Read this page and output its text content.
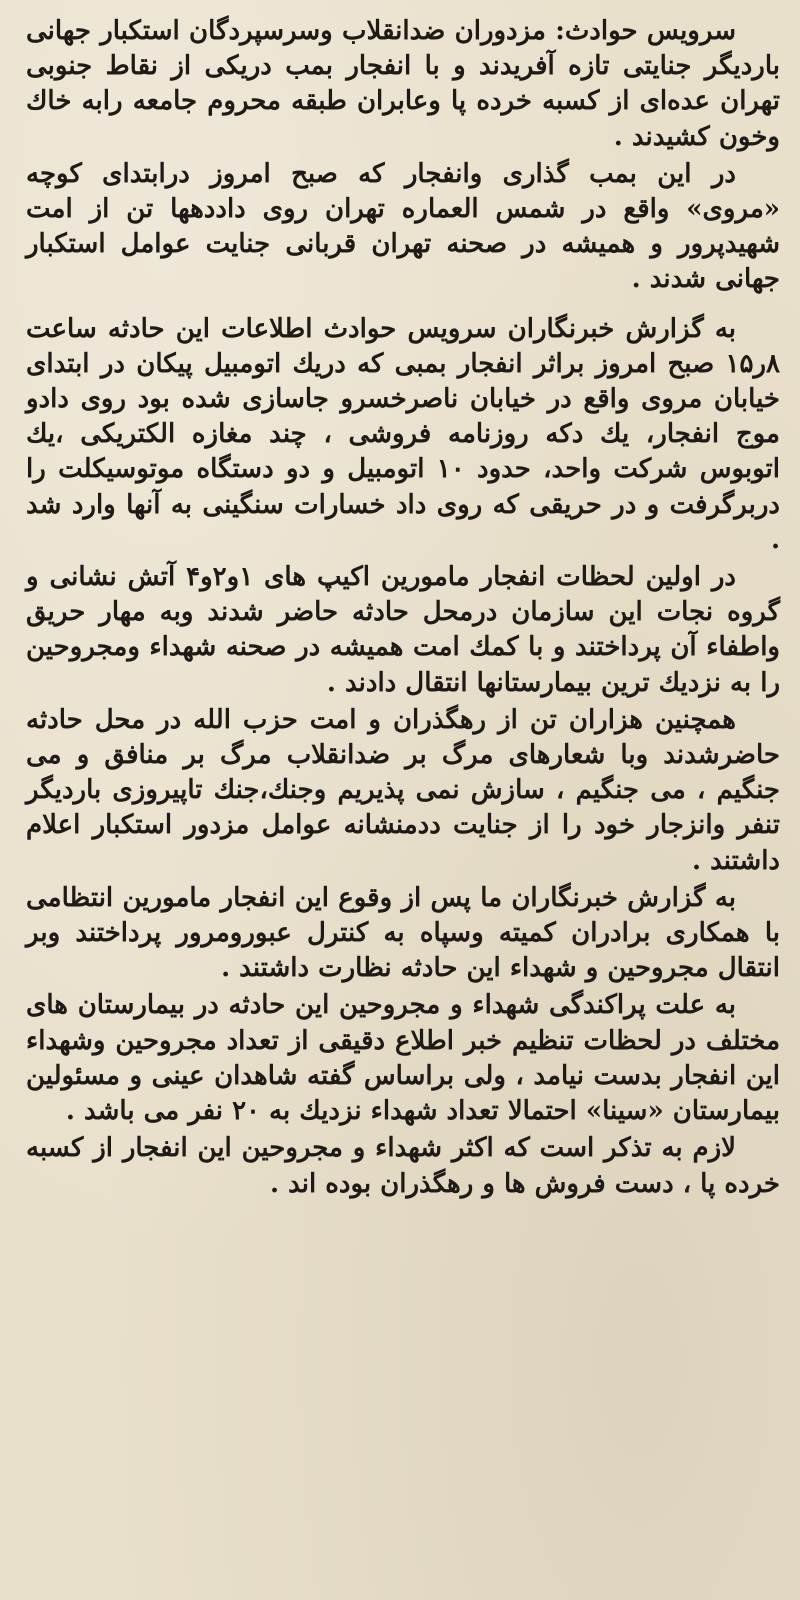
سرویس حوادث: مزدوران ضدانقلاب وسرسپردگان استکبار جهانی باردیگر جنایتی تازه آفریدند و با انفجار بمب دریکی از نقاط جنوبی تهران عده‌ای از کسبه خرده پا وعابران طبقه محروم جامعه رابه خاك وخون کشیدند .

در این بمب گذاری وانفجار که صبح امروز درابتدای کوچه «مروی» واقع در شمس العماره تهران روی داددهها تن از امت شهیدپرور و همیشه در صحنه تهران قربانی جنایت عوامل استکبار جهانی شدند .

به گزارش خبرنگاران سرویس حوادث اطلاعات این حادثه ساعت ۸ر۱۵ صبح امروز براثر انفجار بمبی که دریك اتومبیل پیکان در ابتدای خیابان مروی واقع در خیابان ناصرخسرو جاسازی شده بود روی دادو موج انفجار، یك دکه روزنامه فروشی ، چند مغازه الکتریکی ،یك اتوبوس شرکت واحد، حدود ۱۰ اتومبیل و دو دستگاه موتوسیکلت را دربرگرفت و در حریقی که روی داد خسارات سنگینی به آنها وارد شد .

در اولین لحظات انفجار مامورین اکیپ های ۱و۲و۴ آتش نشانی و گروه نجات این سازمان درمحل حادثه حاضر شدند وبه مهار حریق واطفاء آن پرداختند و با کمك امت همیشه در صحنه شهداء ومجروحین را به نزدیك ترین بیمارستانها انتقال دادند .

همچنین هزاران تن از رهگذران و امت حزب الله در محل حادثه حاضرشدند وبا شعارهای مرگ بر ضدانقلاب مرگ بر منافق و می جنگیم ، می جنگیم ، سازش نمی پذیریم وجنك،جنك تاپیروزی باردیگر تنفر وانزجار خود را از جنایت ددمنشانه عوامل مزدور استکبار اعلام داشتند .

به گزارش خبرنگاران ما پس از وقوع این انفجار مامورین انتظامی با همکاری برادران کمیته وسپاه به کنترل عبورومرور پرداختند وبر انتقال مجروحین و شهداء این حادثه نظارت داشتند .

به علت پراکندگی شهداء و مجروحین این حادثه در بیمارستان های مختلف در لحظات تنظیم خبر اطلاع دقیقی از تعداد مجروحین وشهداء این انفجار بدست نیامد ، ولی براساس گفته شاهدان عینی و مسئولین بیمارستان «سینا» احتمالا تعداد شهداء نزدیك به ۲۰ نفر می باشد .

لازم به تذکر است که اکثر شهداء و مجروحین این انفجار از کسبه خرده پا ، دست فروش ها و رهگذران بوده اند .
